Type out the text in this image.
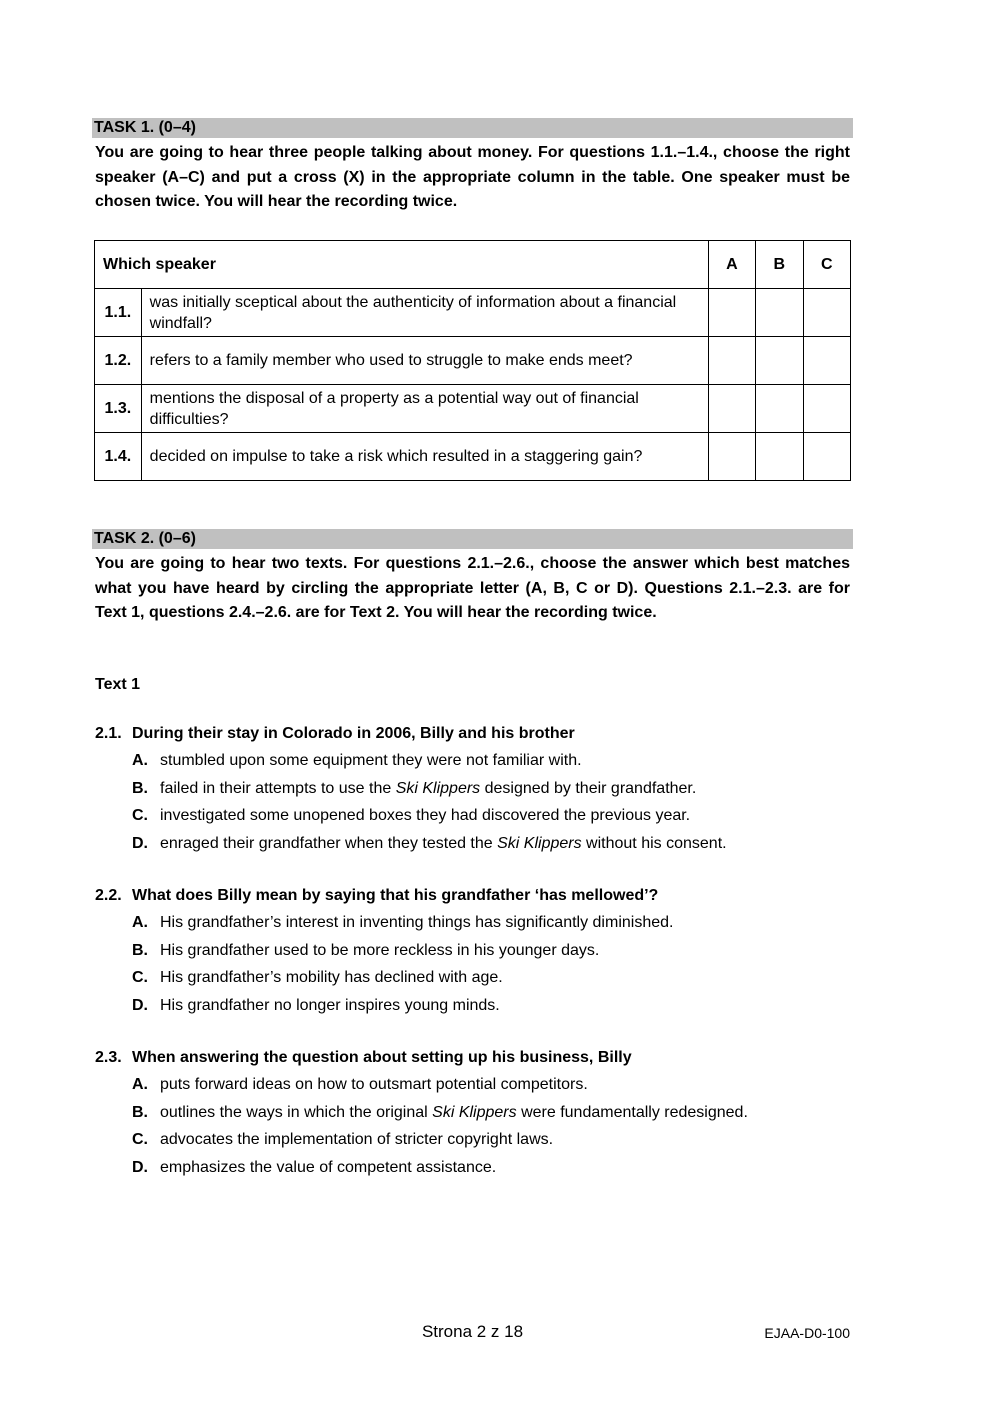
TASK 1. (0–4)
You are going to hear three people talking about money. For questions 1.1.–1.4., choose the right speaker (A–C) and put a cross (X) in the appropriate column in the table. One speaker must be chosen twice. You will hear the recording twice.
Which speaker		A	B	C
1.1.	was initially sceptical about the authenticity of information about a financial windfall?			
1.2.	refers to a family member who used to struggle to make ends meet?			
1.3.	mentions the disposal of a property as a potential way out of financial difficulties?			
1.4.	decided on impulse to take a risk which resulted in a staggering gain?			
TASK 2. (0–6)
You are going to hear two texts. For questions 2.1.–2.6., choose the answer which best matches what you have heard by circling the appropriate letter (A, B, C or D). Questions 2.1.–2.3. are for Text 1, questions 2.4.–2.6. are for Text 2. You will hear the recording twice.
Text 1
2.1. During their stay in Colorado in 2006, Billy and his brother
A. stumbled upon some equipment they were not familiar with.
B. failed in their attempts to use the Ski Klippers designed by their grandfather.
C. investigated some unopened boxes they had discovered the previous year.
D. enraged their grandfather when they tested the Ski Klippers without his consent.
2.2. What does Billy mean by saying that his grandfather ‘has mellowed’?
A. His grandfather’s interest in inventing things has significantly diminished.
B. His grandfather used to be more reckless in his younger days.
C. His grandfather’s mobility has declined with age.
D. His grandfather no longer inspires young minds.
2.3. When answering the question about setting up his business, Billy
A. puts forward ideas on how to outsmart potential competitors.
B. outlines the ways in which the original Ski Klippers were fundamentally redesigned.
C. advocates the implementation of stricter copyright laws.
D. emphasizes the value of competent assistance.
Strona 2 z 18	EJAA-D0-100
